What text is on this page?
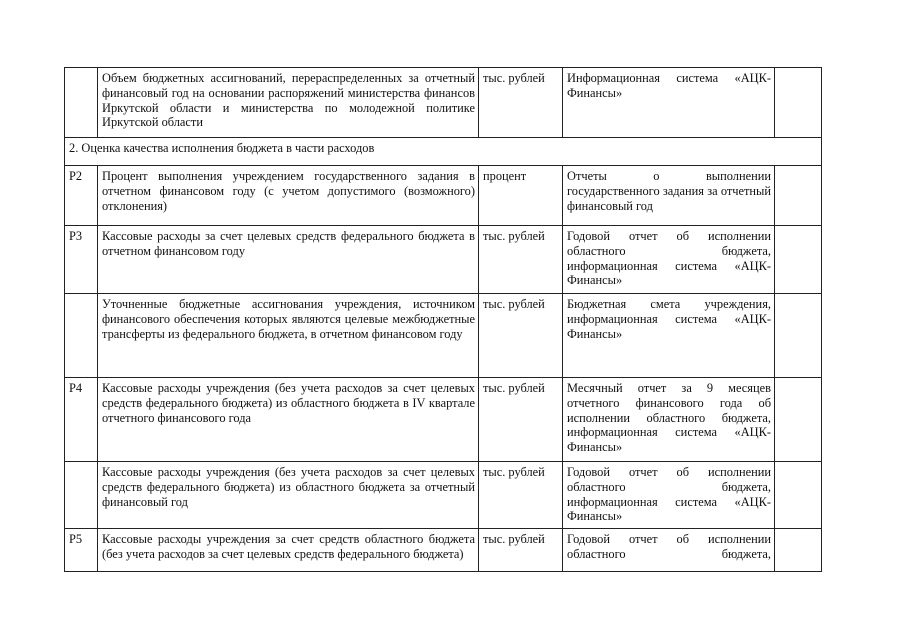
	Объем бюджетных ассигнований, перераспределенных за отчетный финансовый год на основании распоряжений министерства финансов Иркутской области и министерства по молодежной политике Иркутской области	тыс. рублей	Информационная система «АЦК-Финансы»	
2. Оценка качества исполнения бюджета в части расходов				
Р2	Процент выполнения учреждением государственного задания в отчетном финансовом году (с учетом допустимого (возможного) отклонения)	процент	Отчеты о выполнении государственного задания за отчетный финансовый год	
Р3	Кассовые расходы за счет целевых средств федерального бюджета в отчетном финансовом году	тыс. рублей	Годовой отчет об исполнении областного бюджета, информационная система «АЦК-Финансы»	
	Уточненные бюджетные ассигнования учреждения, источником финансового обеспечения которых являются целевые межбюджетные трансферты из федерального бюджета, в отчетном финансовом году	тыс. рублей	Бюджетная смета учреждения, информационная система «АЦК-Финансы»	
Р4	Кассовые расходы учреждения (без учета расходов за счет целевых средств федерального бюджета) из областного бюджета в IV квартале отчетного финансового года	тыс. рублей	Месячный отчет за 9 месяцев отчетного финансового года об исполнении областного бюджета, информационная система «АЦК-Финансы»	
	Кассовые расходы учреждения (без учета расходов за счет целевых средств федерального бюджета) из областного бюджета за отчетный финансовый год	тыс. рублей	Годовой отчет об исполнении областного бюджета, информационная система «АЦК-Финансы»	
Р5	Кассовые расходы учреждения за счет средств областного бюджета (без учета расходов за счет целевых средств федерального бюджета)	тыс. рублей	Годовой отчет об исполнении областного бюджета,	
